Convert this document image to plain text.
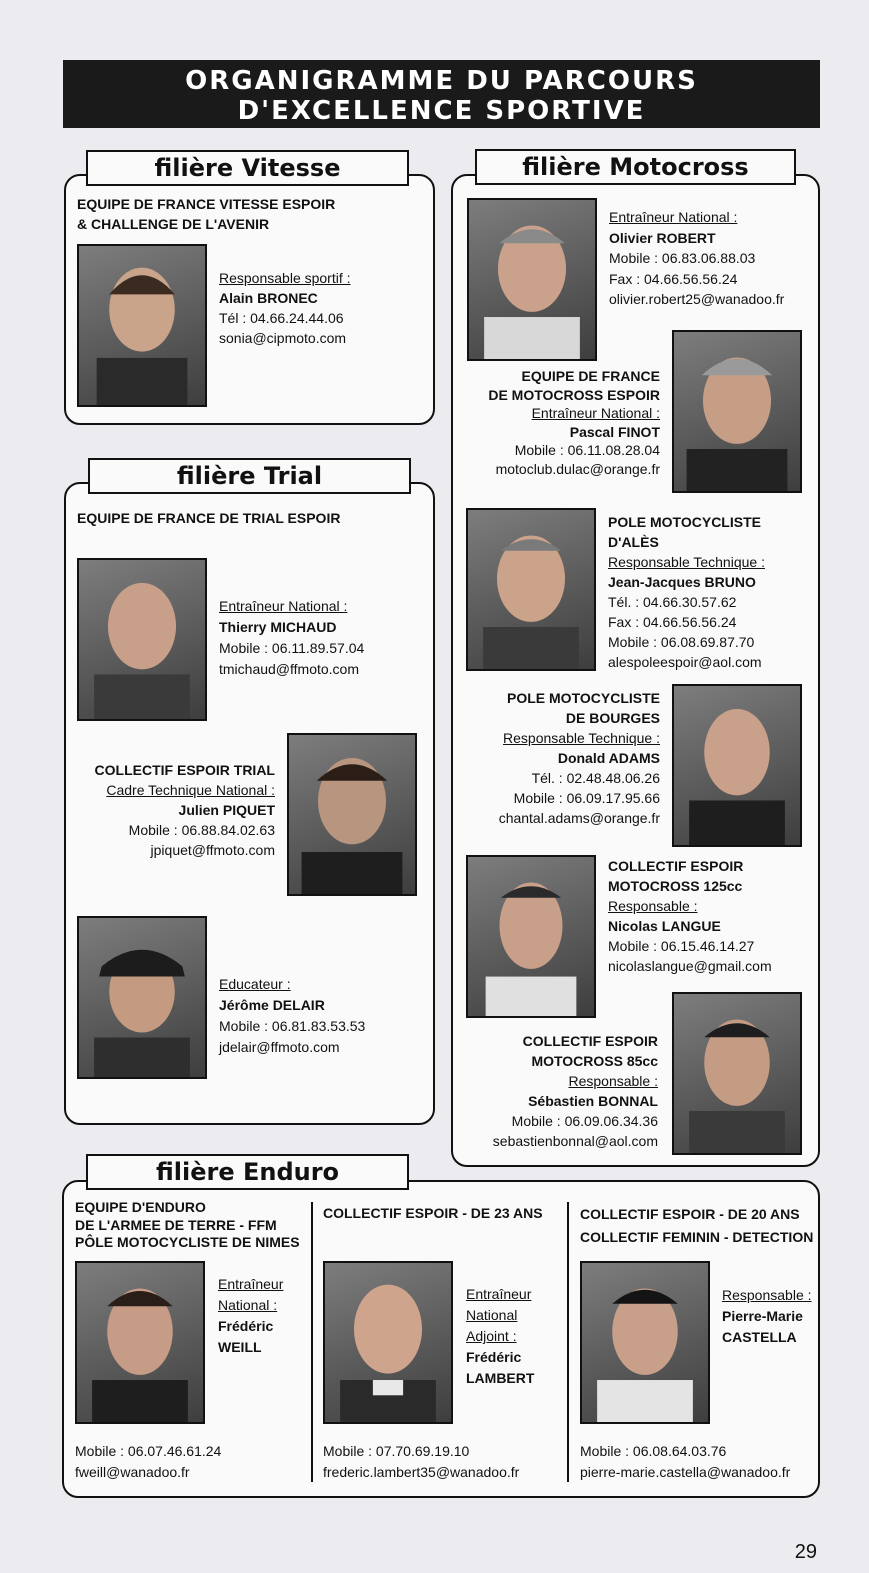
ORGANIGRAMME DU PARCOURS
D'EXCELLENCE SPORTIVE
filière Vitesse
EQUIPE DE FRANCE VITESSE ESPOIR
& CHALLENGE DE L'AVENIR
Responsable sportif :
Alain BRONEC
Tél : 04.66.24.44.06
sonia@cipmoto.com
filière Trial
EQUIPE DE FRANCE DE TRIAL ESPOIR
Entraîneur National :
Thierry MICHAUD
Mobile : 06.11.89.57.04
tmichaud@ffmoto.com
COLLECTIF ESPOIR TRIAL
Cadre Technique National :
Julien PIQUET
Mobile : 06.88.84.02.63
jpiquet@ffmoto.com
Educateur :
Jérôme DELAIR
Mobile : 06.81.83.53.53
jdelair@ffmoto.com
filière Motocross
Entraîneur National :
Olivier ROBERT
Mobile : 06.83.06.88.03
Fax : 04.66.56.56.24
olivier.robert25@wanadoo.fr
EQUIPE DE FRANCE
DE MOTOCROSS ESPOIR
Entraîneur National :
Pascal FINOT
Mobile : 06.11.08.28.04
motoclub.dulac@orange.fr
POLE MOTOCYCLISTE
D'ALÈS
Responsable Technique :
Jean-Jacques BRUNO
Tél. : 04.66.30.57.62
Fax : 04.66.56.56.24
Mobile : 06.08.69.87.70
alespoleespoir@aol.com
POLE MOTOCYCLISTE
DE BOURGES
Responsable Technique :
Donald ADAMS
Tél. : 02.48.48.06.26
Mobile : 06.09.17.95.66
chantal.adams@orange.fr
COLLECTIF ESPOIR
MOTOCROSS 125cc
Responsable :
Nicolas LANGUE
Mobile : 06.15.46.14.27
nicolaslangue@gmail.com
COLLECTIF ESPOIR
MOTOCROSS 85cc
Responsable :
Sébastien BONNAL
Mobile : 06.09.06.34.36
sebastienbonnal@aol.com
filière Enduro
EQUIPE D'ENDURO
DE L'ARMEE DE TERRE - FFM
PÔLE MOTOCYCLISTE DE NIMES
Entraîneur
National :
Frédéric
WEILL
Mobile : 06.07.46.61.24
fweill@wanadoo.fr
COLLECTIF ESPOIR - DE 23 ANS
Entraîneur
National
Adjoint :
Frédéric
LAMBERT
Mobile : 07.70.69.19.10
frederic.lambert35@wanadoo.fr
COLLECTIF ESPOIR - DE 20 ANS
COLLECTIF FEMININ - DETECTION
Responsable :
Pierre-Marie
CASTELLA
Mobile : 06.08.64.03.76
pierre-marie.castella@wanadoo.fr
29
